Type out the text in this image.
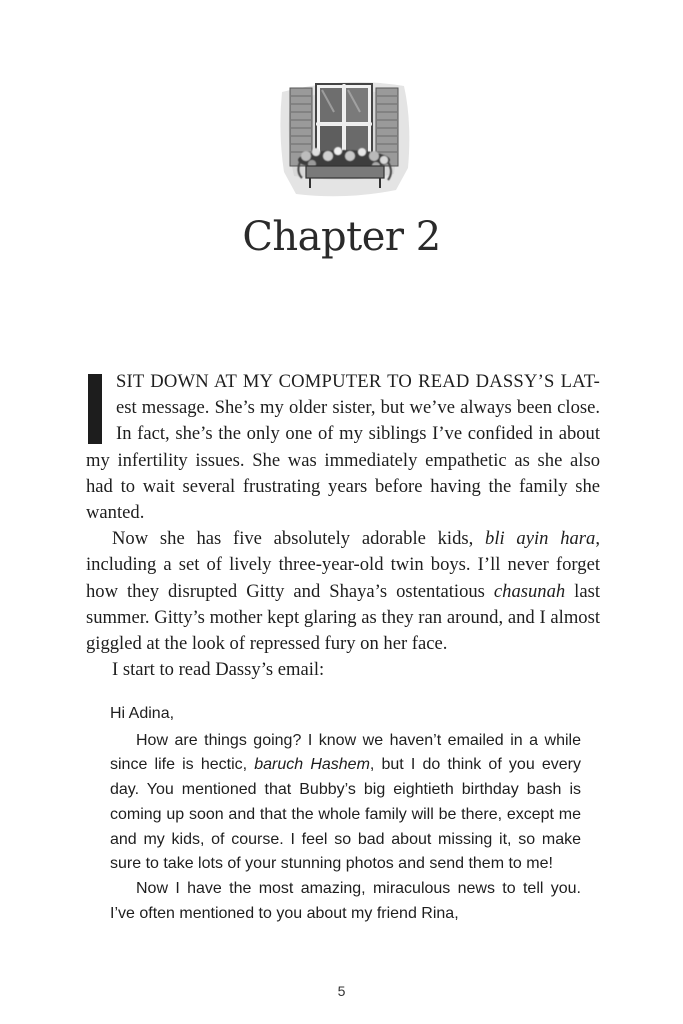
Chapter 2

SIT DOWN AT MY COMPUTER TO READ DASSY’S LAT- est message. She’s my older sister, but we’ve always been close. In fact, she’s the only one of my siblings I’ve confided in about my infertility issues. She was immediately empathetic as she also had to wait several frustrating years before having the family she wanted.

Now she has five absolutely adorable kids, bli ayin hara, including a set of lively three-year-old twin boys. I’ll never forget how they disrupted Gitty and Shaya’s ostentatious chasunah last summer. Gitty’s mother kept glaring as they ran around, and I almost giggled at the look of repressed fury on her face.

I start to read Dassy’s email:

Hi Adina,

How are things going? I know we haven’t emailed in a while since life is hectic, baruch Hashem, but I do think of you every day. You mentioned that Bubby’s big eightieth birthday bash is coming up soon and that the whole family will be there, except me and my kids, of course. I feel so bad about missing it, so make sure to take lots of your stunning photos and send them to me!

Now I have the most amazing, miraculous news to tell you. I’ve often mentioned to you about my friend Rina,

5
